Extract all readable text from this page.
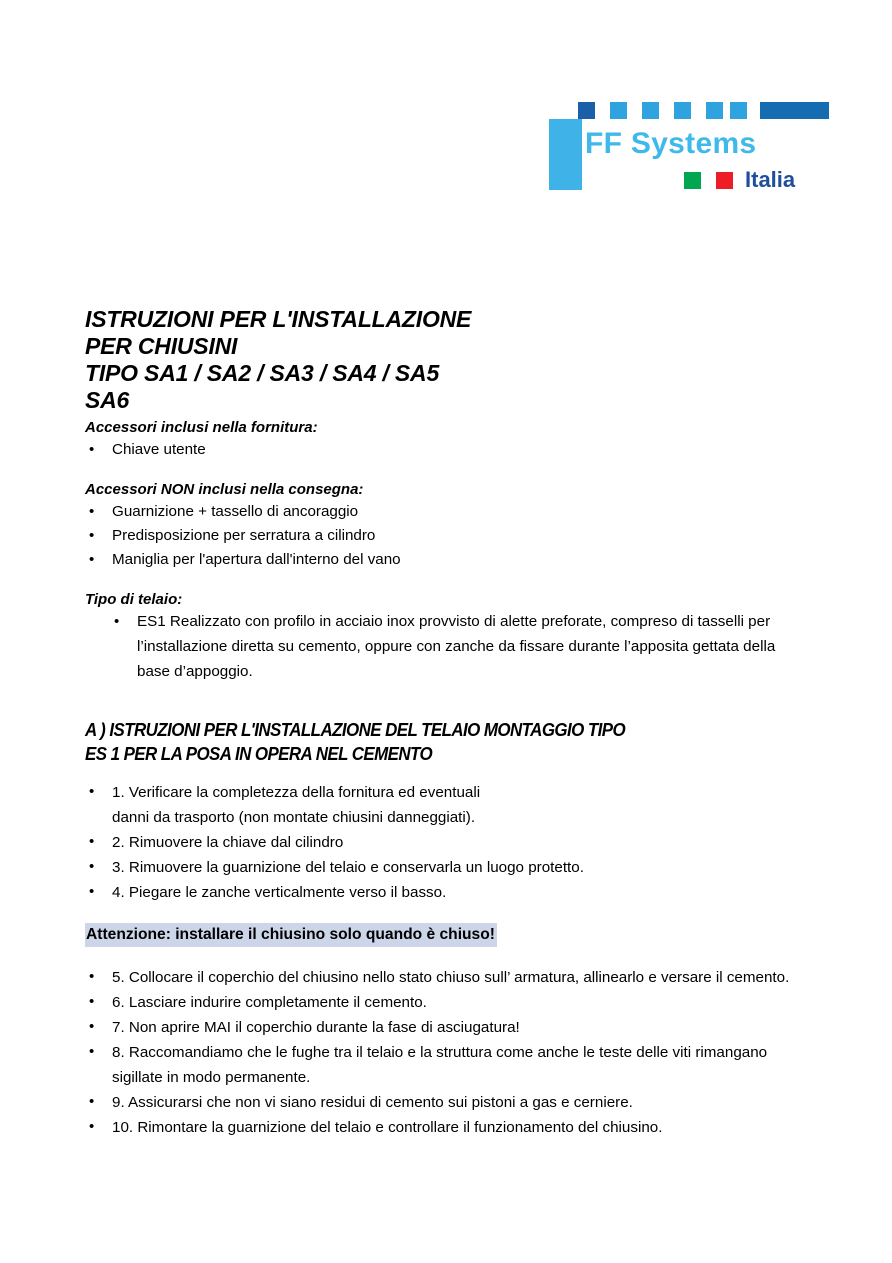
FF Systems
Italia
ISTRUZIONI PER L'INSTALLAZIONE
PER CHIUSINI
TIPO SA1 / SA2 / SA3 / SA4 / SA5
SA6
Accessori inclusi nella fornitura:
• Chiave utente
Accessori NON inclusi nella consegna:
• Guarnizione + tassello di ancoraggio
• Predisposizione per serratura a cilindro
• Maniglia per l'apertura dall'interno del vano
Tipo di telaio:
• ES1 Realizzato con profilo in acciaio inox provvisto di alette preforate, compreso di tasselli per
l’installazione diretta su cemento, oppure con zanche da fissare durante l’apposita gettata della
base d’appoggio.
A ) ISTRUZIONI PER L'INSTALLAZIONE DEL TELAIO MONTAGGIO TIPO
ES 1 PER LA POSA IN OPERA NEL CEMENTO
• 1. Verificare la completezza della fornitura ed eventuali
danni da trasporto (non montate chiusini danneggiati).
• 2. Rimuovere la chiave dal cilindro
• 3. Rimuovere la guarnizione del telaio e conservarla un luogo protetto.
• 4. Piegare le zanche verticalmente verso il basso.
Attenzione: installare il chiusino solo quando è chiuso!
• 5. Collocare il coperchio del chiusino nello stato chiuso sull’ armatura, allinearlo e versare il cemento.
• 6. Lasciare indurire completamente il cemento.
• 7. Non aprire MAI il coperchio durante la fase di asciugatura!
• 8. Raccomandiamo che le fughe tra il telaio e la struttura come anche le teste delle viti rimangano
sigillate in modo permanente.
• 9. Assicurarsi che non vi siano residui di cemento sui pistoni a gas e cerniere.
• 10. Rimontare la guarnizione del telaio e controllare il funzionamento del chiusino.
